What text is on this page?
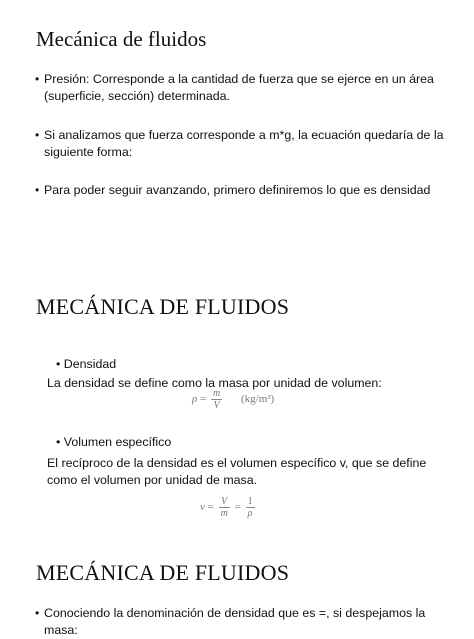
Mecánica de fluidos
• Presión: Corresponde a la cantidad de fuerza que se ejerce en un área (superficie, sección) determinada.
• Si analizamos que fuerza corresponde a m*g, la ecuación quedaría de la siguiente forma:
• Para poder seguir avanzando, primero definiremos lo que es densidad
MECÁNICA DE FLUIDOS
• Densidad
La densidad se define como la masa por unidad de volumen:
$\rho = \frac{m}{V} (kg/m^3)$
• Volumen específico
El recíproco de la densidad es el volumen específico v, que se define como el volumen por unidad de masa.
$v = \frac{V}{m} = \frac{1}{\rho}$
MECÁNICA DE FLUIDOS
• Conociendo la denominación de densidad que es =, si despejamos la masa:
